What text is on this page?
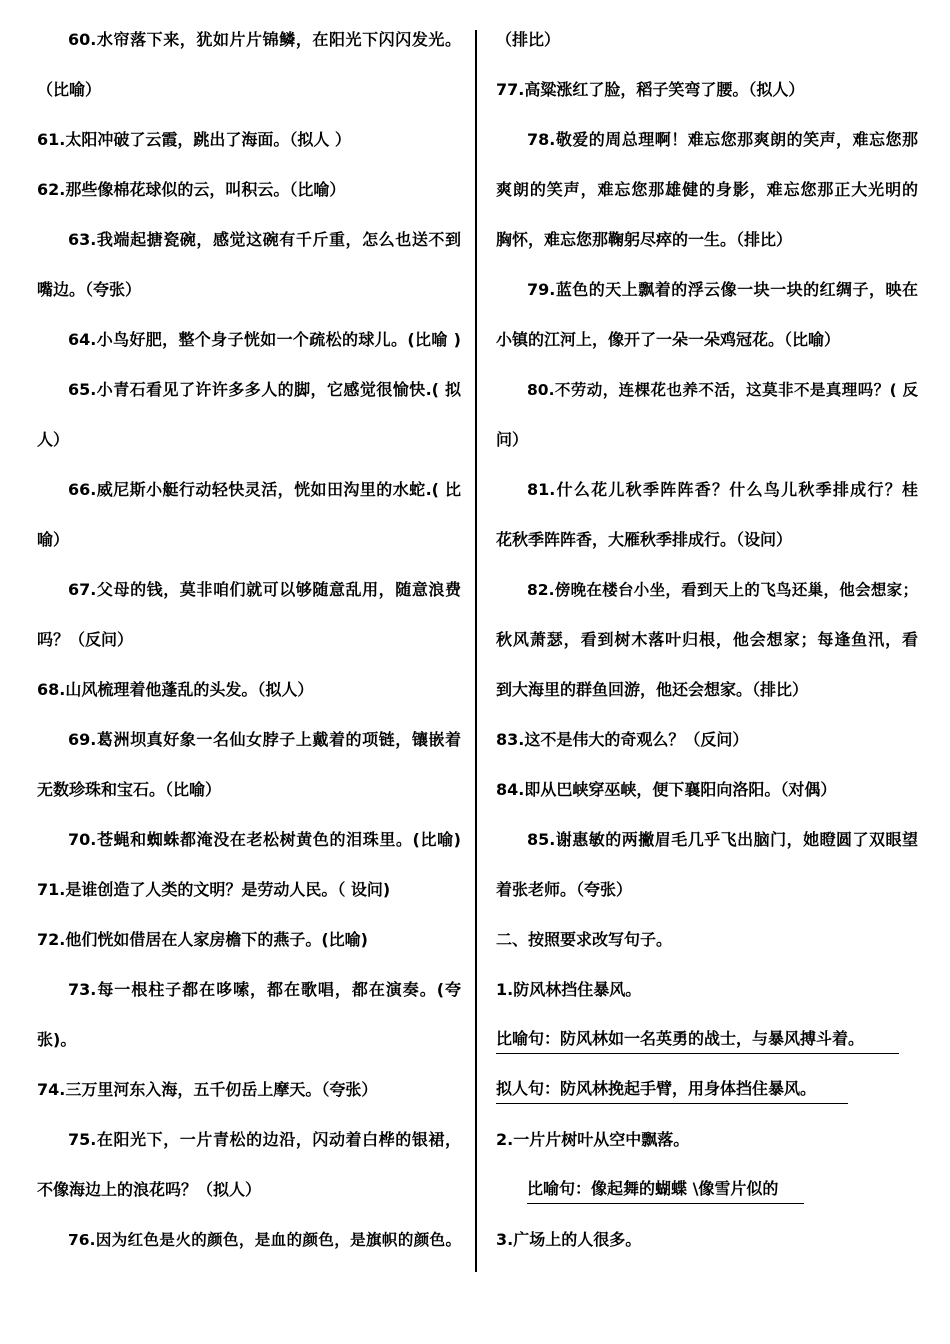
60.水帘落下来，犹如片片锦鳞，在阳光下闪闪发光。
（比喻）
61.太阳冲破了云霞，跳出了海面。（拟人 ）
62.那些像棉花球似的云，叫积云。（比喻）
63.我端起搪瓷碗，感觉这碗有千斤重，怎么也送不到
嘴边。（夸张）
64.小鸟好肥，整个身子恍如一个疏松的球儿。(比喻 )
65.小青石看见了许许多多人的脚，它感觉很愉快.( 拟
人）
66.威尼斯小艇行动轻快灵活，恍如田沟里的水蛇.( 比
喻）
67.父母的钱，莫非咱们就可以够随意乱用，随意浪费
吗？（反问）
68.山风梳理着他蓬乱的头发。（拟人）
69.葛洲坝真好象一名仙女脖子上戴着的项链，镶嵌着
无数珍珠和宝石。（比喻）
70.苍蝇和蜘蛛都淹没在老松树黄色的泪珠里。(比喻)
71.是谁创造了人类的文明？是劳动人民。（ 设问)
72.他们恍如借居在人家房檐下的燕子。(比喻)
73.每一根柱子都在哆嗦，都在歌唱，都在演奏。(夸
张)。
74.三万里河东入海，五千仞岳上摩天。（夸张）
75.在阳光下，一片青松的边沿，闪动着白桦的银裙，
不像海边上的浪花吗？（拟人）
76.因为红色是火的颜色，是血的颜色，是旗帜的颜色。
（排比）
77.高粱涨红了脸，稻子笑弯了腰。（拟人）
78.敬爱的周总理啊！难忘您那爽朗的笑声，难忘您那
爽朗的笑声，难忘您那雄健的身影，难忘您那正大光明的
胸怀，难忘您那鞠躬尽瘁的一生。（排比）
79.蓝色的天上飘着的浮云像一块一块的红绸子，映在
小镇的江河上，像开了一朵一朵鸡冠花。（比喻）
80.不劳动，连棵花也养不活，这莫非不是真理吗？( 反
问）
81.什么花儿秋季阵阵香？什么鸟儿秋季排成行？桂
花秋季阵阵香，大雁秋季排成行。（设问）
82.傍晚在楼台小坐，看到天上的飞鸟还巢，他会想家；
秋风萧瑟，看到树木落叶归根，他会想家；每逢鱼汛，看
到大海里的群鱼回游，他还会想家。（排比）
83.这不是伟大的奇观么？（反问）
84.即从巴峡穿巫峡，便下襄阳向洛阳。（对偶）
85.谢惠敏的两撇眉毛几乎飞出脑门，她瞪圆了双眼望
着张老师。（夸张）
二、按照要求改写句子。
1.防风林挡住暴风。
比喻句：防风林如一名英勇的战士，与暴风搏斗着。
拟人句：防风林挽起手臂，用身体挡住暴风。
2.一片片树叶从空中飘落。
比喻句：像起舞的蝴蝶 \像雪片似的
3.广场上的人很多。
